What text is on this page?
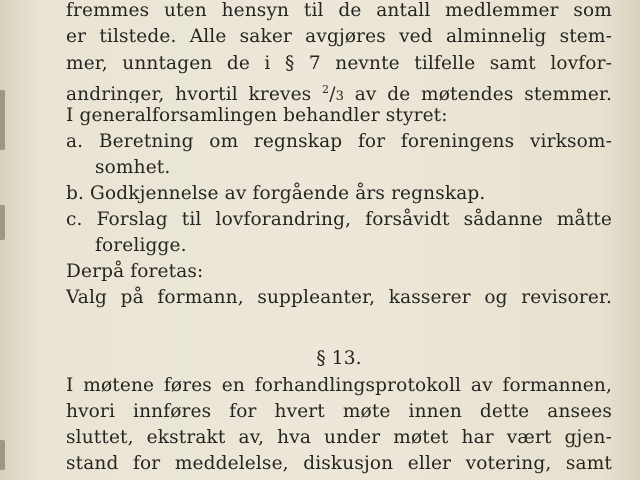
fremmes uten hensyn til de antall medlemmer som
er tilstede. Alle saker avgjøres ved alminnelig stem-
mer, unntagen de i § 7 nevnte tilfelle samt lovfor-
andringer, hvortil kreves $^2$/3 av de møtendes stemmer.
I generalforsamlingen behandler styret:
a. Beretning om regnskap for foreningens virksom-
somhet.
b. Godkjennelse av forgående års regnskap.
c. Forslag til lovforandring, forsåvidt sådanne måtte
foreligge.
Derpå foretas:
Valg på formann, suppleanter, kasserer og revisorer.
§ 13.
I møtene føres en forhandlingsprotokoll av formannen,
hvori innføres for hvert møte innen dette ansees
sluttet, ekstrakt av, hva under møtet har vært gjen-
stand for meddelelse, diskusjon eller votering, samt
